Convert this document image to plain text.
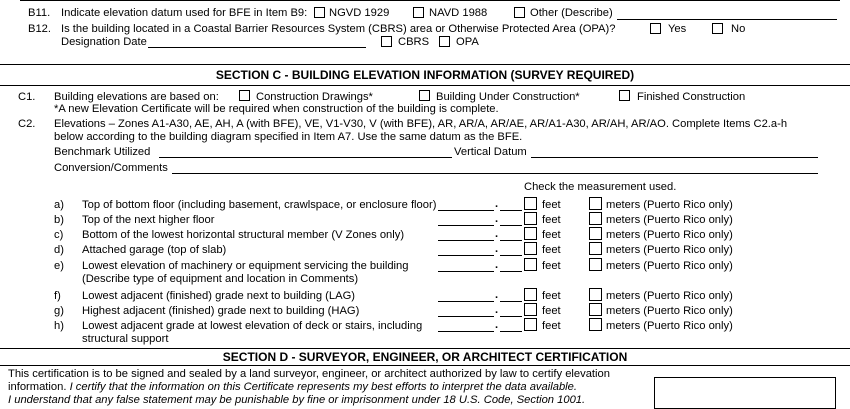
B11. Indicate elevation datum used for BFE in Item B9: NGVD 1929	NAVD 1988	Other (Describe)
B12. Is the building located in a Coastal Barrier Resources System (CBRS) area or Otherwise Protected Area (OPA)?	Yes	No
Designation Date	CBRS OPA
SECTION C - BUILDING ELEVATION INFORMATION (SURVEY REQUIRED)
C1. Building elevations are based on:	Construction Drawings*	Building Under Construction*	Finished Construction
*A new Elevation Certificate will be required when construction of the building is complete.
C2. Elevations – Zones A1-A30, AE, AH, A (with BFE), VE, V1-V30, V (with BFE), AR, AR/A, AR/AE, AR/A1-A30, AR/AH, AR/AO. Complete Items C2.a-h
below according to the building diagram specified in Item A7. Use the same datum as the BFE.
Benchmark Utilized	Vertical Datum
Conversion/Comments
Check the measurement used.
a) Top of bottom floor (including basement, crawlspace, or enclosure floor)	.	feet	meters (Puerto Rico only)
b) Top of the next higher floor	.	feet	meters (Puerto Rico only)
c) Bottom of the lowest horizontal structural member (V Zones only)	.	feet	meters (Puerto Rico only)
d) Attached garage (top of slab)	.	feet	meters (Puerto Rico only)
e) Lowest elevation of machinery or equipment servicing the building	.	feet	meters (Puerto Rico only)
(Describe type of equipment and location in Comments)
f) Lowest adjacent (finished) grade next to building (LAG)	.	feet	meters (Puerto Rico only)
g) Highest adjacent (finished) grade next to building (HAG)	.	feet	meters (Puerto Rico only)
h) Lowest adjacent grade at lowest elevation of deck or stairs, including	.	feet	meters (Puerto Rico only)
structural support
SECTION D - SURVEYOR, ENGINEER, OR ARCHITECT CERTIFICATION
This certification is to be signed and sealed by a land surveyor, engineer, or architect authorized by law to certify elevation
information. I certify that the information on this Certificate represents my best efforts to interpret the data available.
I understand that any false statement may be punishable by fine or imprisonment under 18 U.S. Code, Section 1001.
